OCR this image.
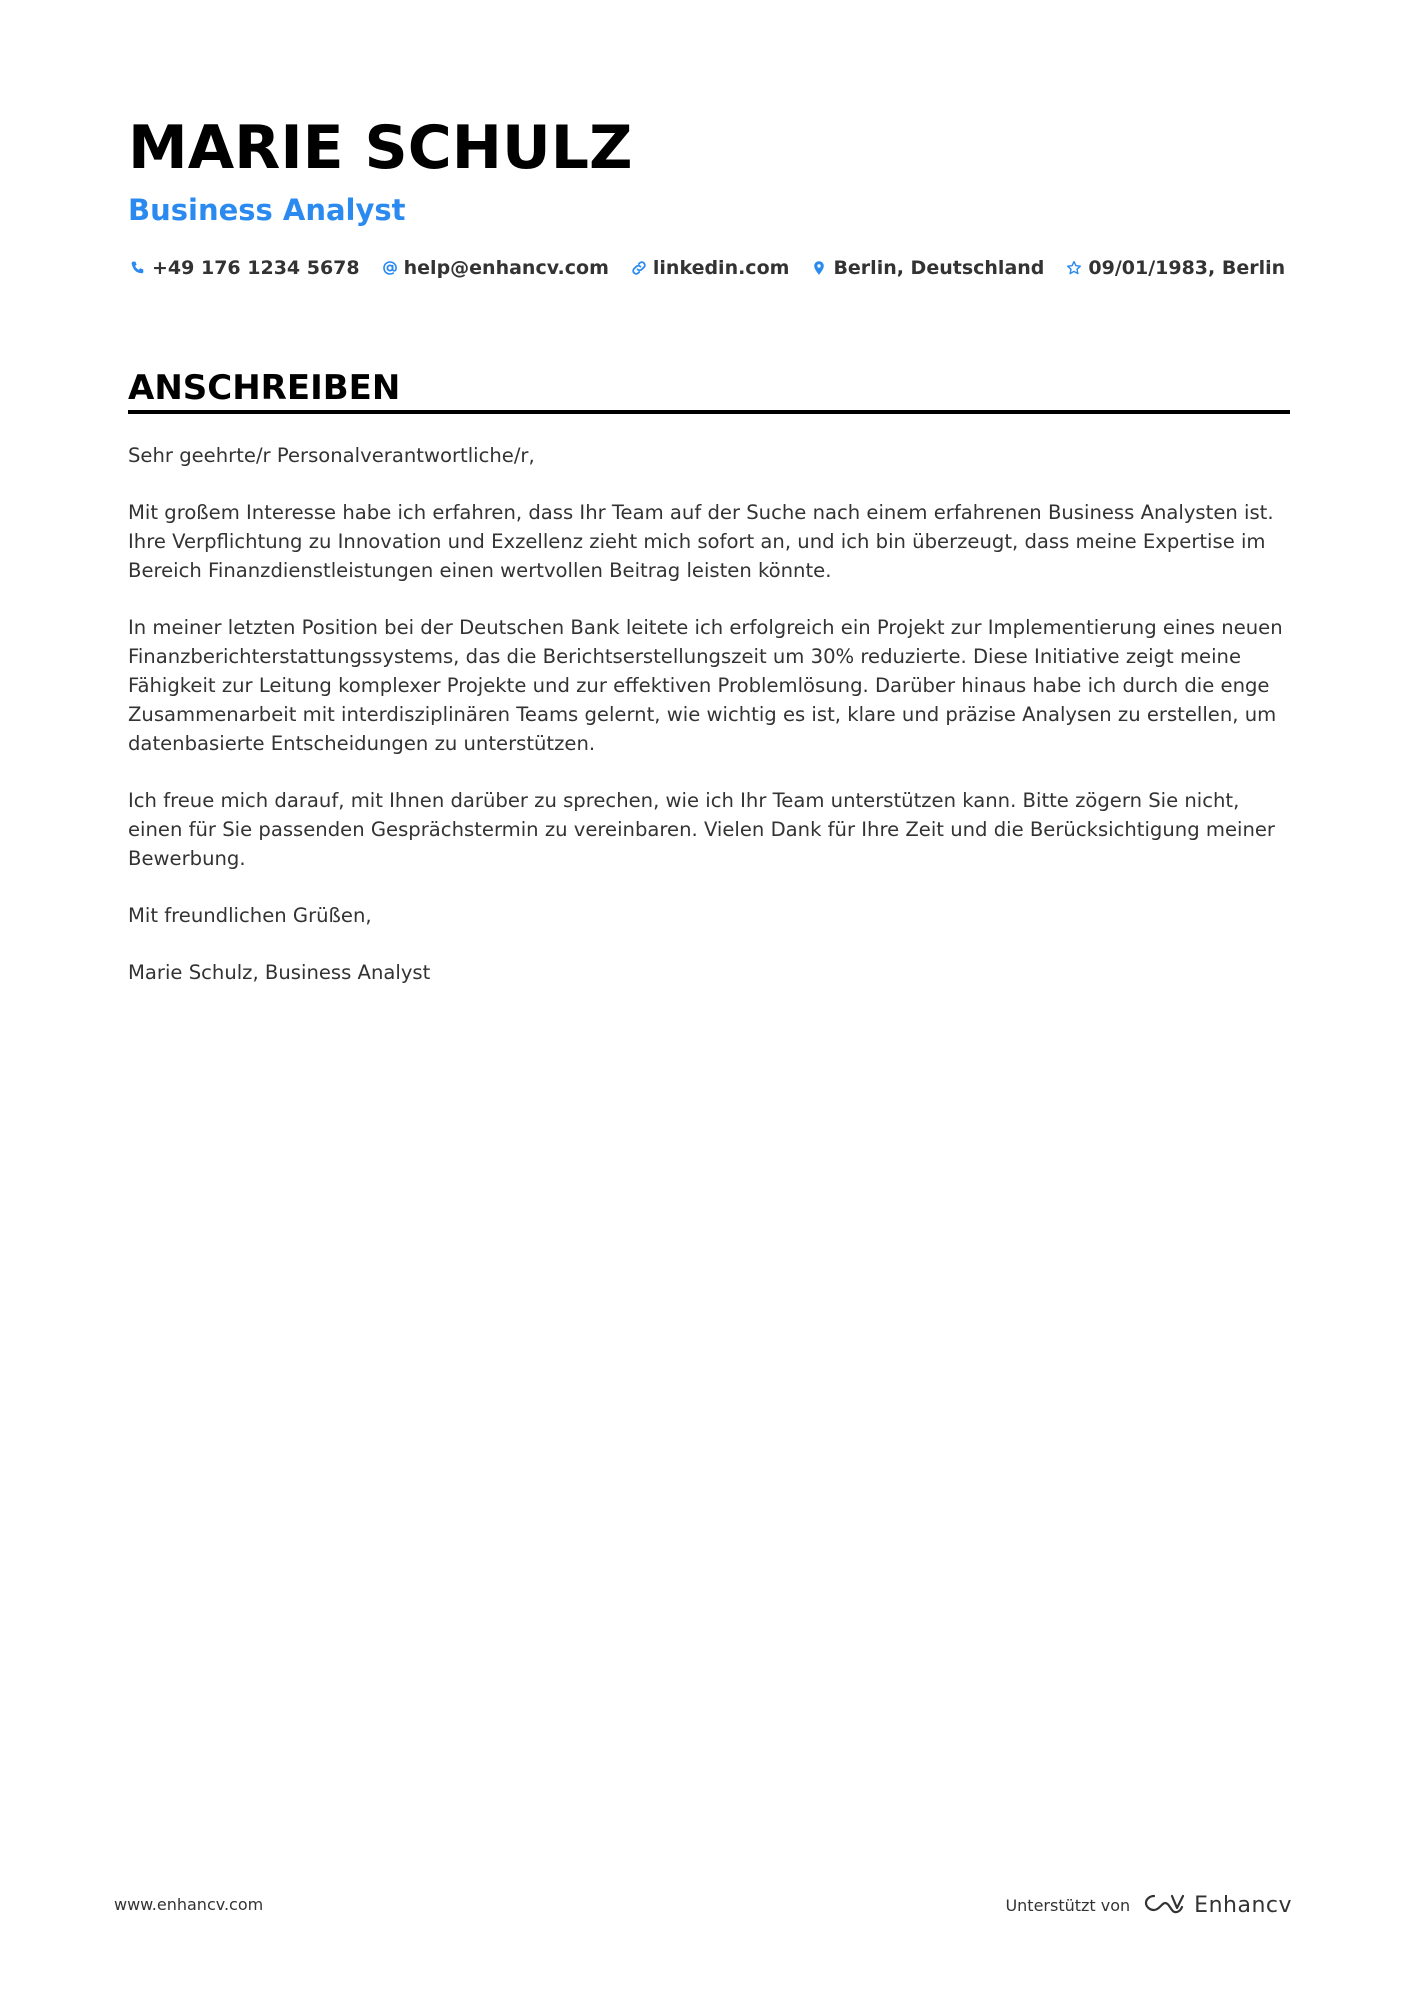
MARIE SCHULZ
Business Analyst
+49 176 1234 5678 help@enhancv.com linkedin.com Berlin, Deutschland 09/01/1983, Berlin
ANSCHREIBEN

Sehr geehrte/r Personalverantwortliche/r,

Mit großem Interesse habe ich erfahren, dass Ihr Team auf der Suche nach einem erfahrenen Business Analysten ist. Ihre Verpflichtung zu Innovation und Exzellenz zieht mich sofort an, und ich bin überzeugt, dass meine Expertise im Bereich Finanzdienstleistungen einen wertvollen Beitrag leisten könnte.

In meiner letzten Position bei der Deutschen Bank leitete ich erfolgreich ein Projekt zur Implementierung eines neuen Finanzberichterstattungssystems, das die Berichtserstellungszeit um 30% reduzierte. Diese Initiative zeigt meine Fähigkeit zur Leitung komplexer Projekte und zur effektiven Problemlösung. Darüber hinaus habe ich durch die enge Zusammenarbeit mit interdisziplinären Teams gelernt, wie wichtig es ist, klare und präzise Analysen zu erstellen, um datenbasierte Entscheidungen zu unterstützen.

Ich freue mich darauf, mit Ihnen darüber zu sprechen, wie ich Ihr Team unterstützen kann. Bitte zögern Sie nicht, einen für Sie passenden Gesprächstermin zu vereinbaren. Vielen Dank für Ihre Zeit und die Berücksichtigung meiner Bewerbung.

Mit freundlichen Grüßen,

Marie Schulz, Business Analyst

www.enhancv.com	Unterstützt von	Enhancv
